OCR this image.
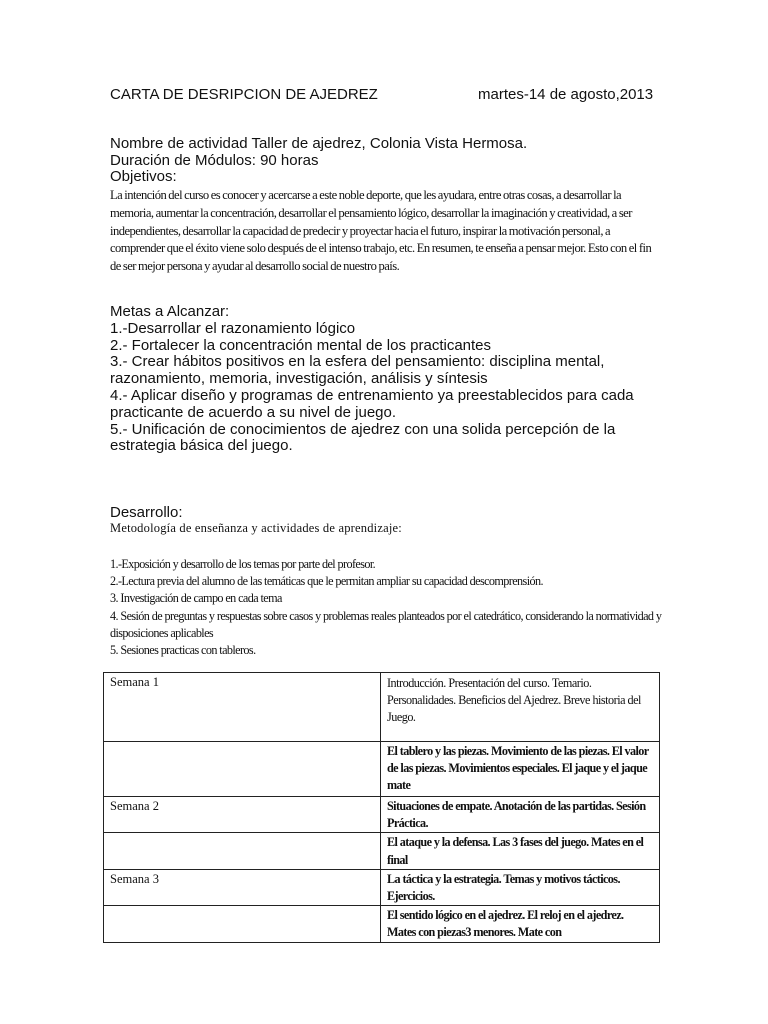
CARTA DE DESRIPCION DE AJEDREZ	martes-14 de agosto,2013
Nombre de actividad Taller de ajedrez, Colonia Vista Hermosa.
Duración de Módulos: 90 horas
Objetivos:
La intención del curso es conocer y acercarse a este noble deporte, que les ayudara, entre otras cosas, a desarrollar la memoria, aumentar la concentración, desarrollar el pensamiento lógico, desarrollar la imaginación y creatividad, a ser independientes, desarrollar la capacidad de predecir y proyectar hacia el futuro, inspirar la motivación personal, a comprender que el éxito viene solo después de el intenso trabajo, etc. En resumen, te enseña a pensar mejor. Esto con el fin de ser mejor persona y ayudar al desarrollo social de nuestro país.
Metas a Alcanzar:
1.-Desarrollar el razonamiento lógico
2.- Fortalecer la concentración mental de los practicantes
3.- Crear hábitos positivos en la esfera del pensamiento: disciplina mental, razonamiento, memoria, investigación, análisis y síntesis
4.- Aplicar diseño y programas de entrenamiento ya preestablecidos para cada practicante de acuerdo a su nivel de juego.
5.- Unificación de conocimientos de ajedrez con una solida percepción de la estrategia básica del juego.
Desarrollo:
Metodología de enseñanza y actividades de aprendizaje:
1.-Exposición y desarrollo de los temas por parte del profesor.
2.-Lectura previa del alumno de las temáticas que le permitan ampliar su capacidad descomprensión.
3. Investigación de campo en cada tema
4. Sesión de preguntas y respuestas sobre casos y problemas reales planteados por el catedrático, considerando la normatividad y disposiciones aplicables
5. Sesiones practicas con tableros.
Semana 1	Introducción. Presentación del curso. Temario. Personalidades. Beneficios del Ajedrez. Breve historia del Juego.
	El tablero y las piezas. Movimiento de las piezas. El valor de las piezas. Movimientos especiales. El jaque y el jaque mate
Semana 2	Situaciones de empate. Anotación de las partidas. Sesión Práctica.
	El ataque y la defensa. Las 3 fases del juego. Mates en el final
Semana 3	La táctica y la estrategia. Temas y motivos tácticos. Ejercicios.
	El sentido lógico en el ajedrez. El reloj en el ajedrez. Mates con piezas3 menores. Mate con
